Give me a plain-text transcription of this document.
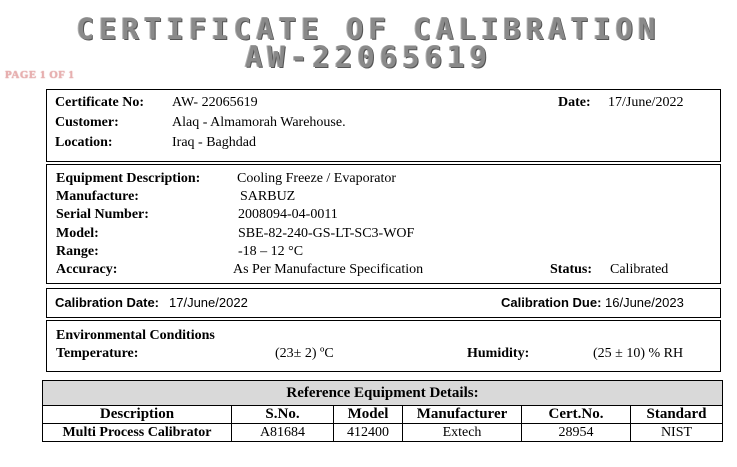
CERTIFICATE OF CALIBRATION
AW-22065619
PAGE 1 OF 1
Certificate No: AW- 22065619	Date: 17/June/2022
Customer:	Alaq - Almamorah Warehouse.
Location:	Iraq - Baghdad
Equipment Description:	Cooling Freeze / Evaporator
Manufacture:	SARBUZ
Serial Number:	2008094-04-0011
Model:	SBE-82-240-GS-LT-SC3-WOF
Range:	-18 – 12 °C
Accuracy:	As Per Manufacture Specification	Status: Calibrated
Calibration Date: 17/June/2022	Calibration Due: 16/June/2023
Environmental Conditions
Temperature:	(23± 2) ºC	Humidity:	(25 ± 10) % RH
Reference Equipment Details:					
Description	S.No.	Model	Manufacturer	Cert.No.	Standard
Multi Process Calibrator	A81684	412400	Extech	28954	NIST
